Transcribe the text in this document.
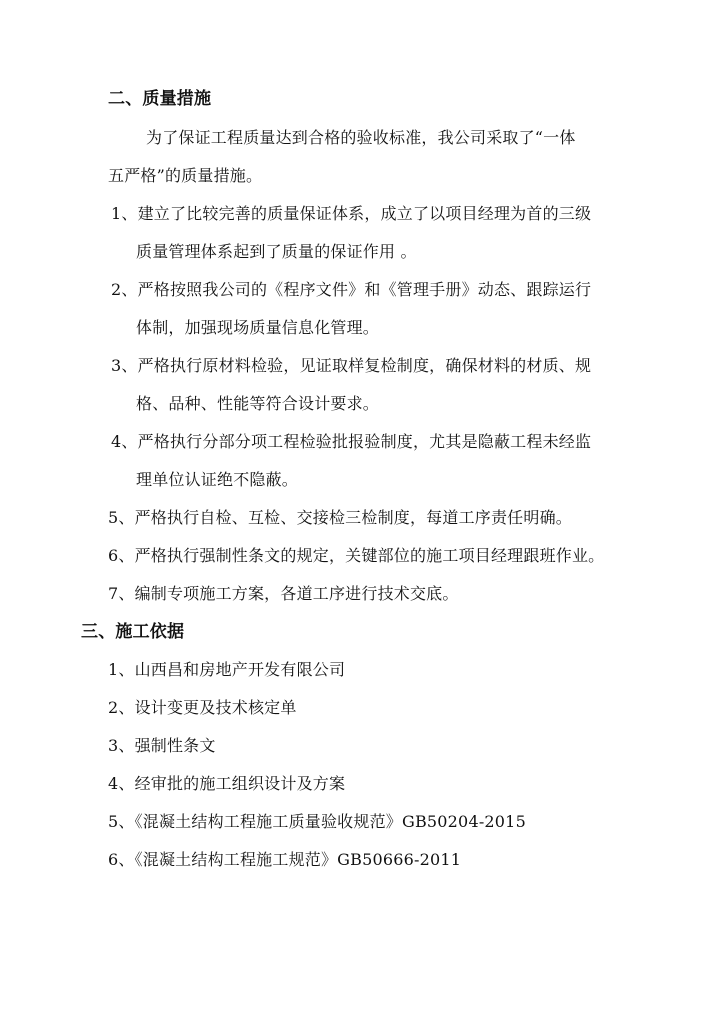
二、质量措施
为了保证工程质量达到合格的验收标准，我公司采取了“一体
五严格”的质量措施。
1、建立了比较完善的质量保证体系，成立了以项目经理为首的三级
质量管理体系起到了质量的保证作用 。
2、严格按照我公司的《程序文件》和《管理手册》动态、跟踪运行
体制，加强现场质量信息化管理。
3、严格执行原材料检验，见证取样复检制度，确保材料的材质、规
格、品种、性能等符合设计要求。
4、严格执行分部分项工程检验批报验制度，尤其是隐蔽工程未经监
理单位认证绝不隐蔽。
5、严格执行自检、互检、交接检三检制度，每道工序责任明确。
6、严格执行强制性条文的规定，关键部位的施工项目经理跟班作业。
7、编制专项施工方案，各道工序进行技术交底。
三、施工依据
1、山西昌和房地产开发有限公司
2、设计变更及技术核定单
3、强制性条文
4、经审批的施工组织设计及方案
5、《混凝土结构工程施工质量验收规范》GB50204-2015
6、《混凝土结构工程施工规范》GB50666-2011
